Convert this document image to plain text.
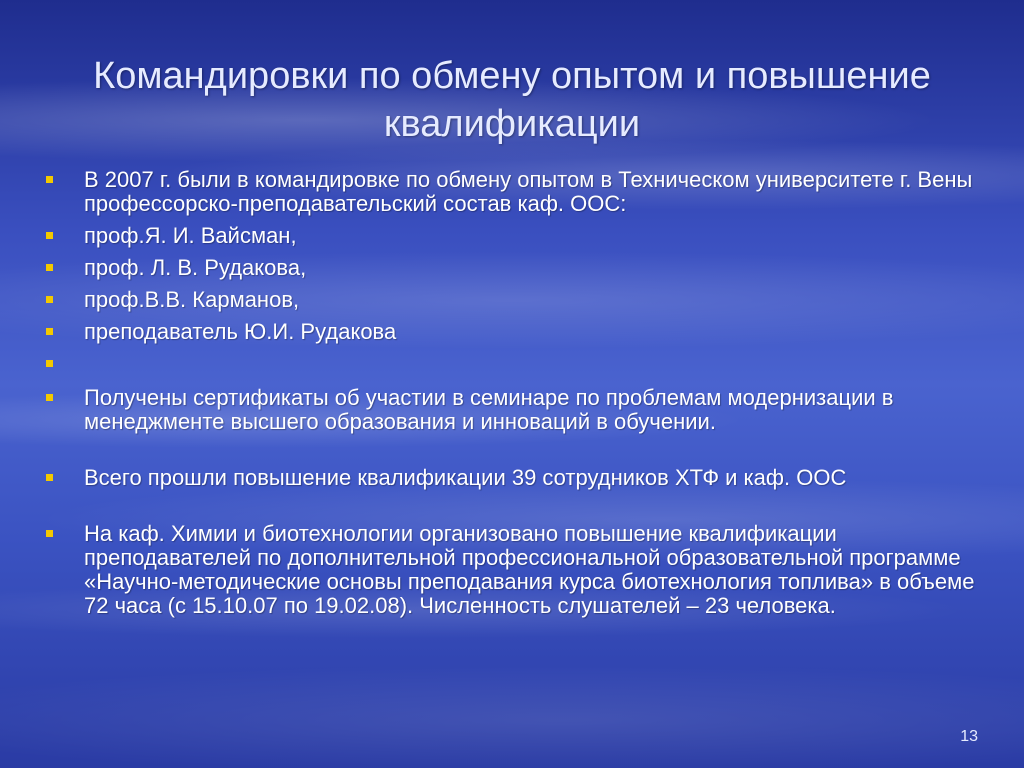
Командировки по обмену опытом и повышение квалификации
В 2007 г. были в командировке по обмену опытом в Техническом университете г. Вены профессорско-преподавательский состав каф. ООС:
проф.Я. И. Вайсман,
проф. Л. В. Рудакова,
проф.В.В. Карманов,
преподаватель Ю.И. Рудакова

Получены сертификаты об участии в семинаре по проблемам модернизации в менеджменте высшего образования и инноваций в обучении.
Всего прошли повышение квалификации 39 сотрудников ХТФ и каф. ООС
На каф. Химии и биотехнологии организовано повышение квалификации преподавателей по дополнительной профессиональной образовательной программе «Научно-методические основы преподавания курса биотехнология топлива» в объеме 72 часа (с 15.10.07 по 19.02.08). Численность слушателей – 23 человека.
13
